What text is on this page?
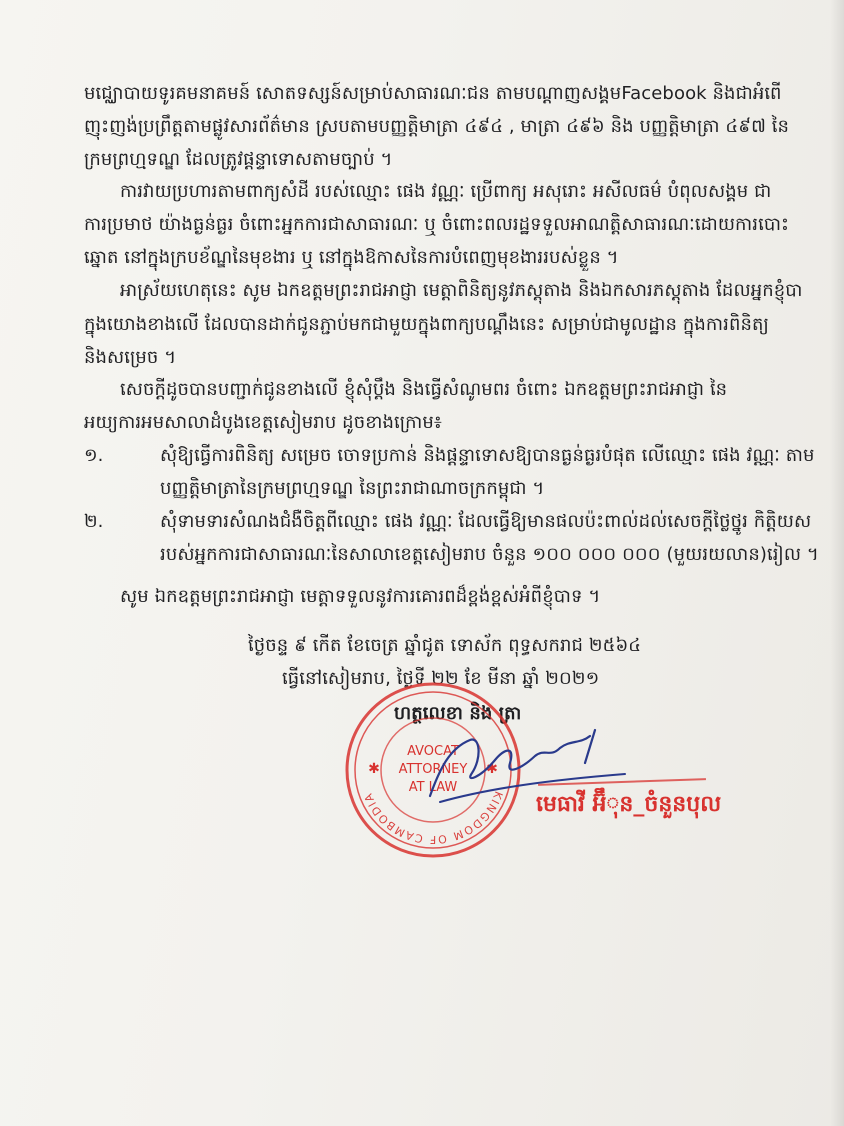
មជ្ឈោបាយទូរគមនាគមន៍ សោតទស្សន៍សម្រាប់សាធារណៈជន តាមបណ្តាញសង្គមFacebook និងជាអំពើ
ញុះញង់ប្រព្រឹត្តតាមផ្លូវសារព័ត៌មាន ស្របតាមបញ្ញត្តិមាត្រា ៤៩៤ , មាត្រា ៤៩៦ និង បញ្ញត្តិមាត្រា ៤៩៧ នៃ
ក្រមព្រហ្មទណ្ឌ ដែលត្រូវផ្តន្ទាទោសតាមច្បាប់ ។
ការវាយប្រហារតាមពាក្យសំដី របស់ឈ្មោះ ផេង វណ្ណៈ ប្រើពាក្យ អសុរោះ អសីលធម៌ បំពុលសង្គម ជា
ការប្រមាថ យ៉ាងធ្ងន់ធ្ងរ ចំពោះអ្នកការជាសាធារណៈ ឬ ចំពោះពលរដ្ឋទទួលអាណត្តិសាធារណៈដោយការបោះ
ឆ្នោត នៅក្នុងក្របខ័ណ្ឌនៃមុខងារ ឬ នៅក្នុងឱកាសនៃការបំពេញមុខងាររបស់ខ្លួន ។
អាស្រ័យហេតុនេះ សូម ឯកឧត្តមព្រះរាជអាជ្ញា មេត្តាពិនិត្យនូវភស្តុតាង និងឯកសារភស្តុតាង ដែលអ្នកខ្ញុំបា
ក្នុងយោងខាងលើ ដែលបានដាក់ជូនភ្ជាប់មកជាមួយក្នុងពាក្យបណ្តឹងនេះ សម្រាប់ជាមូលដ្ឋាន ក្នុងការពិនិត្យ
និងសម្រេច ។
សេចក្តីដូចបានបញ្ជាក់ជូនខាងលើ ខ្ញុំសុំប្តឹង និងធ្វើសំណូមពរ ចំពោះ ឯកឧត្តមព្រះរាជអាជ្ញា នៃ
អយ្យការអមសាលាដំបូងខេត្តសៀមរាប ដូចខាងក្រោម៖
១.	សុំឱ្យធ្វើការពិនិត្យ សម្រេច ចោទប្រកាន់ និងផ្តន្ទាទោសឱ្យបានធ្ងន់ធ្ងរបំផុត លើឈ្មោះ ផេង វណ្ណៈ តាម
បញ្ញត្តិមាត្រានៃក្រមព្រហ្មទណ្ឌ នៃព្រះរាជាណាចក្រកម្ពុជា ។
២.	សុំទាមទារសំណងជំងឺចិត្តពីឈ្មោះ ផេង វណ្ណៈ ដែលធ្វើឱ្យមានផលប៉ះពាល់ដល់សេចក្តីថ្លៃថ្នូរ កិត្តិយស
របស់អ្នកការជាសាធារណៈនៃសាលាខេត្តសៀមរាប ចំនួន ១០០ ០០០ ០០០ (មួយរយលាន)រៀល ។
សូម ឯកឧត្តមព្រះរាជអាជ្ញា មេត្តាទទួលនូវការគោរពដ៏ខ្ពង់ខ្ពស់អំពីខ្ញុំបាទ ។
ថ្ងៃចន្ទ ៩ កើត ខែចេត្រ ឆ្នាំជូត ទោស័ក ពុទ្ធសករាជ ២៥៦៤
ធ្វើនៅសៀមរាប, ថ្ងៃទី ២២ ខែ មីនា ឆ្នាំ ២០២១
ហត្ថលេខា និង ត្រា
KINGDOM OF CAMBODIA
AVOCAT
ATTORNEY
AT LAW
✱	✱
មេធាវី អ៊ឹុន_ចំនួនបុល
